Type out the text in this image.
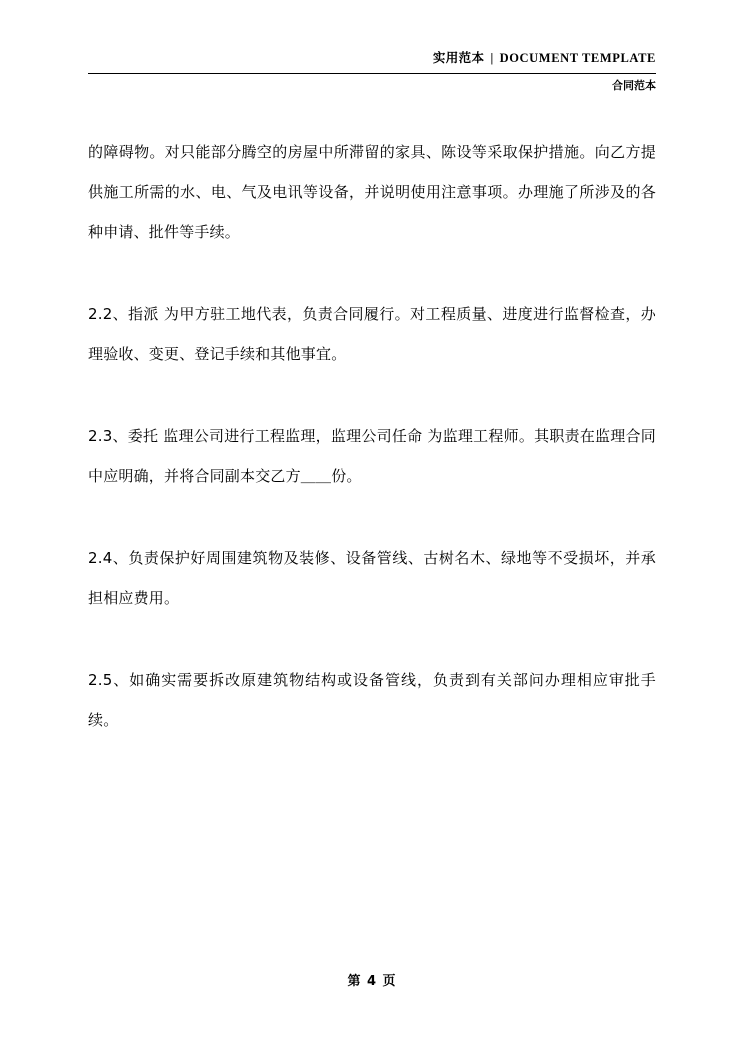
实用范本 | DOCUMENT TEMPLATE
合同范本

的障碍物。对只能部分腾空的房屋中所滞留的家具、陈设等采取保护措施。向乙方提供施工所需的水、电、气及电讯等设备，并说明使用注意事项。办理施了所涉及的各种申请、批件等手续。

2.2、指派 为甲方驻工地代表，负责合同履行。对工程质量、进度进行监督检查，办理验收、变更、登记手续和其他事宜。

2.3、委托 监理公司进行工程监理，监理公司任命 为监理工程师。其职责在监理合同中应明确，并将合同副本交乙方＿＿份。

2.4、负责保护好周围建筑物及装修、设备管线、古树名木、绿地等不受损坏，并承担相应费用。

2.5、如确实需要拆改原建筑物结构或设备管线，负责到有关部问办理相应审批手续。

第 4 页
